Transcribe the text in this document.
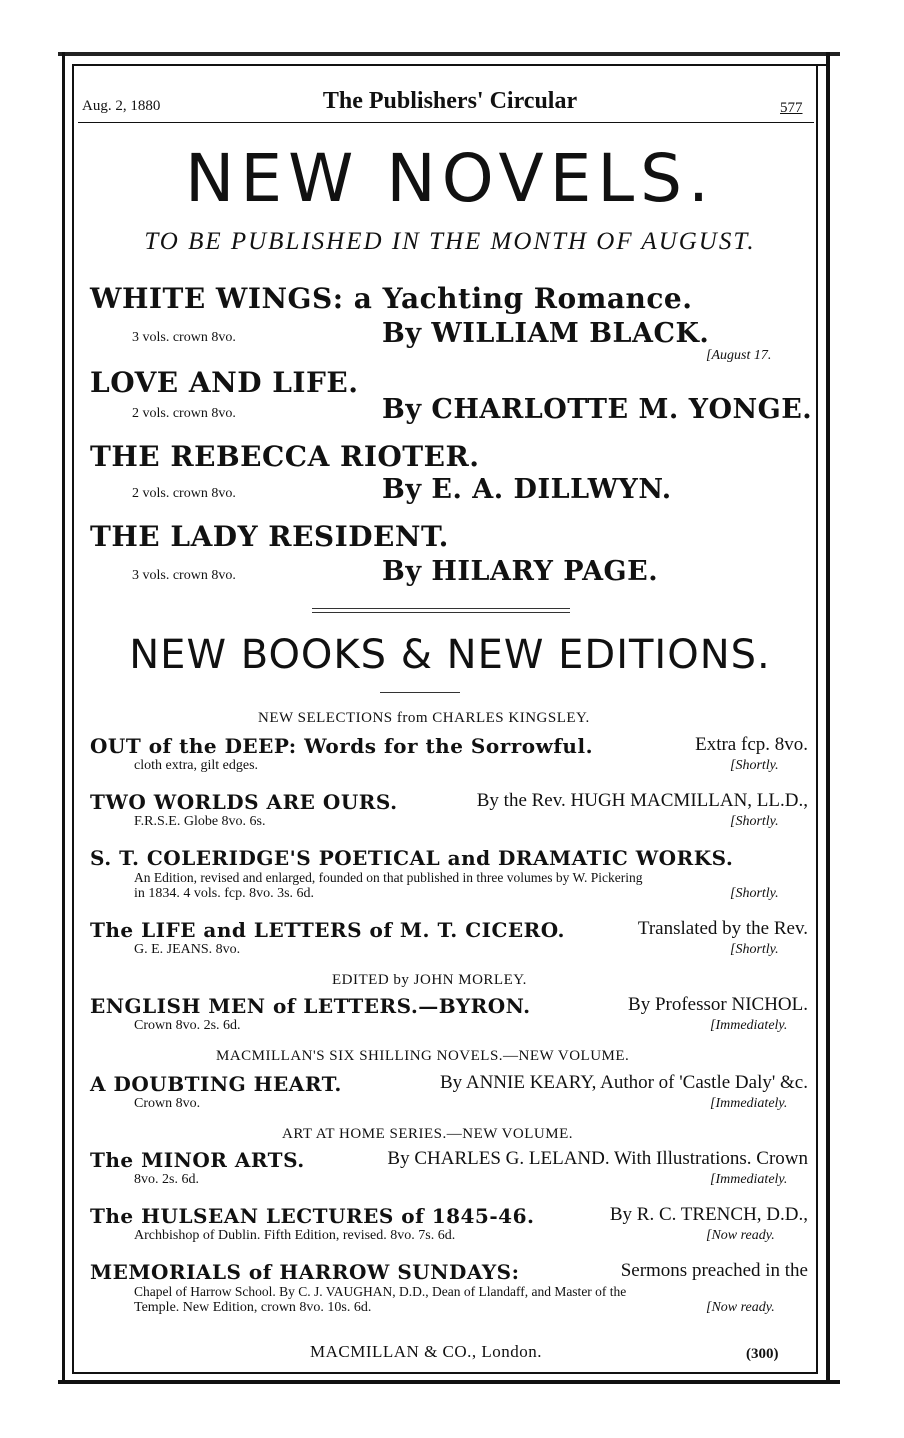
Aug. 2, 1880	The Publishers' Circular	577
NEW NOVELS.
TO BE PUBLISHED IN THE MONTH OF AUGUST.
WHITE WINGS: a Yachting Romance.
3 vols. crown 8vo.	By WILLIAM BLACK.
[August 17.
LOVE AND LIFE.
2 vols. crown 8vo.	By CHARLOTTE M. YONGE.
THE REBECCA RIOTER.
2 vols. crown 8vo.	By E. A. DILLWYN.
THE LADY RESIDENT.
3 vols. crown 8vo.	By HILARY PAGE.
NEW BOOKS & NEW EDITIONS.
NEW SELECTIONS from CHARLES KINGSLEY.
OUT of the DEEP: Words for the Sorrowful.	Extra fcp. 8vo.
cloth extra, gilt edges.	[Shortly.
TWO WORLDS ARE OURS.	By the Rev. HUGH MACMILLAN, LL.D.,
F.R.S.E. Globe 8vo. 6s.	[Shortly.
S. T. COLERIDGE'S POETICAL and DRAMATIC WORKS.
An Edition, revised and enlarged, founded on that published in three volumes by W. Pickering
in 1834. 4 vols. fcp. 8vo. 3s. 6d.	[Shortly.
The LIFE and LETTERS of M. T. CICERO.	Translated by the Rev.
G. E. JEANS. 8vo.	[Shortly.
EDITED by JOHN MORLEY.
ENGLISH MEN of LETTERS.—BYRON.	By Professor NICHOL.
Crown 8vo. 2s. 6d.	[Immediately.
MACMILLAN'S SIX SHILLING NOVELS.—NEW VOLUME.
A DOUBTING HEART.	By ANNIE KEARY, Author of 'Castle Daly' &c.
Crown 8vo.	[Immediately.
ART AT HOME SERIES.—NEW VOLUME.
The MINOR ARTS.	By CHARLES G. LELAND. With Illustrations. Crown
8vo. 2s. 6d.	[Immediately.
The HULSEAN LECTURES of 1845-46.	By R. C. TRENCH, D.D.,
Archbishop of Dublin. Fifth Edition, revised. 8vo. 7s. 6d.	[Now ready.
MEMORIALS of HARROW SUNDAYS:	Sermons preached in the
Chapel of Harrow School. By C. J. VAUGHAN, D.D., Dean of Llandaff, and Master of the
Temple. New Edition, crown 8vo. 10s. 6d.	[Now ready.
MACMILLAN & CO., London.	(300)
